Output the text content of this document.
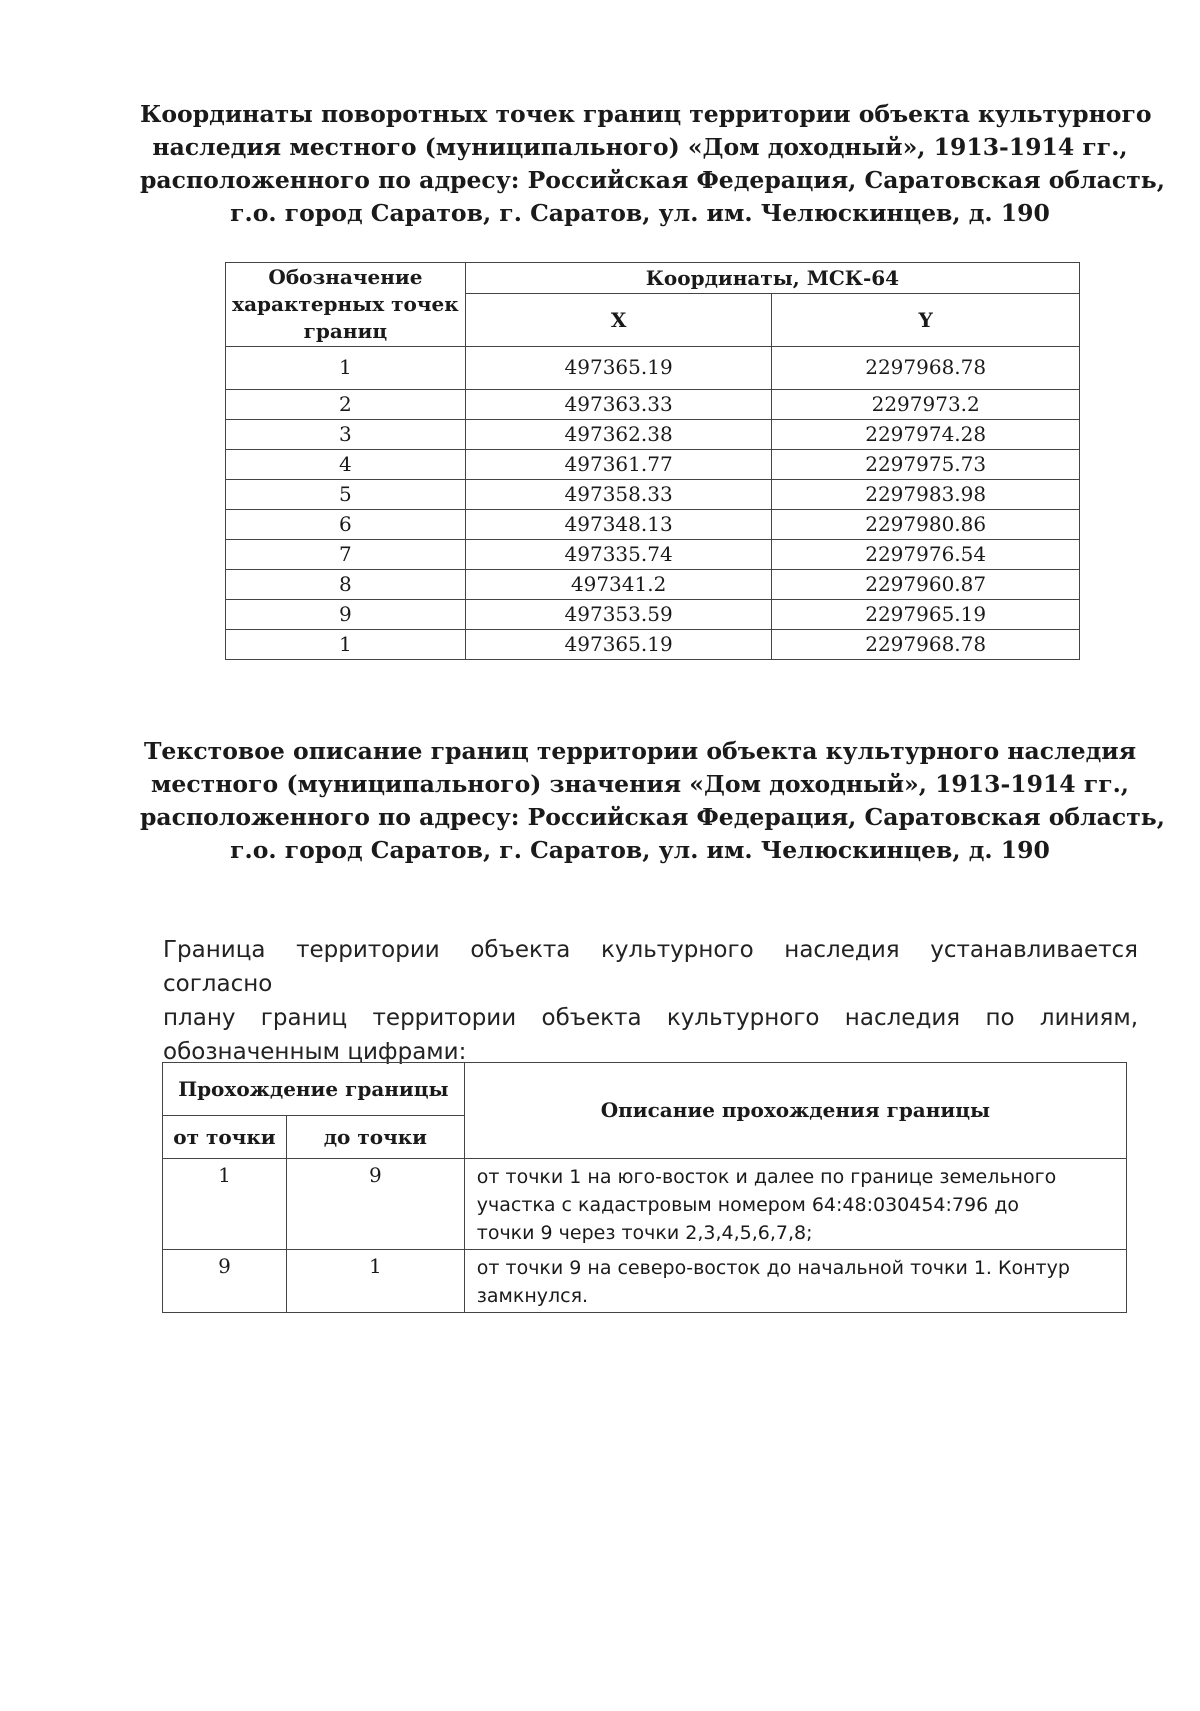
Координаты поворотных точек границ территории объекта культурного
наследия местного (муниципального) «Дом доходный», 1913-1914 гг.,
расположенного по адресу: Российская Федерация, Саратовская область,
г.о. город Саратов, г. Саратов, ул. им. Челюскинцев, д. 190
Обозначение
характерных точек
границ	Координаты, МСК-64	
	X	Y
1	497365.19	2297968.78
2	497363.33	2297973.2
3	497362.38	2297974.28
4	497361.77	2297975.73
5	497358.33	2297983.98
6	497348.13	2297980.86
7	497335.74	2297976.54
8	497341.2	2297960.87
9	497353.59	2297965.19
1	497365.19	2297968.78
Текстовое описание границ территории объекта культурного наследия
местного (муниципального) значения «Дом доходный», 1913-1914 гг.,
расположенного по адресу: Российская Федерация, Саратовская область,
г.о. город Саратов, г. Саратов, ул. им. Челюскинцев, д. 190

Граница территории объекта культурного наследия устанавливается согласно
плану границ территории объекта культурного наследия по линиям,
обозначенным цифрами:

Прохождение границы		Описание прохождения границы
от точки	до точки	
1	9	от точки 1 на юго-восток и далее по границе земельного
участка с кадастровым номером 64:48:030454:796 до
точки 9 через точки 2,3,4,5,6,7,8;

9	1	от точки 9 на северо-восток до начальной точки 1. Контур
замкнулся.
